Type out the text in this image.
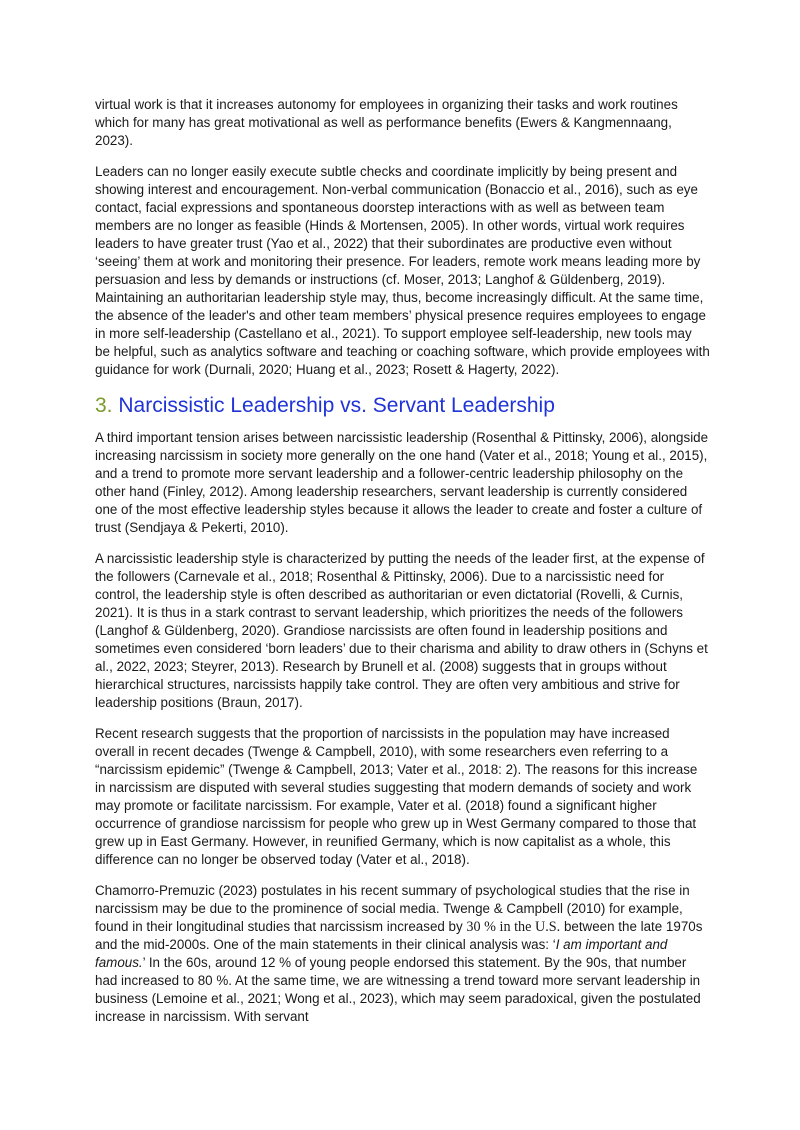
virtual work is that it increases autonomy for employees in organizing their tasks and work routines which for many has great motivational as well as performance benefits (Ewers & Kangmennaang, 2023).

Leaders can no longer easily execute subtle checks and coordinate implicitly by being present and showing interest and encouragement. Non-verbal communication (Bonaccio et al., 2016), such as eye contact, facial expressions and spontaneous doorstep interactions with as well as between team members are no longer as feasible (Hinds & Mortensen, 2005). In other words, virtual work requires leaders to have greater trust (Yao et al., 2022) that their subordinates are productive even without ‘seeing’ them at work and monitoring their presence. For leaders, remote work means leading more by persuasion and less by demands or instructions (cf. Moser, 2013; Langhof & Güldenberg, 2019). Maintaining an authoritarian leadership style may, thus, become increasingly difficult. At the same time, the absence of the leader's and other team members’ physical presence requires employees to engage in more self-leadership (Castellano et al., 2021). To support employee self-leadership, new tools may be helpful, such as analytics software and teaching or coaching software, which provide employees with guidance for work (Durnali, 2020; Huang et al., 2023; Rosett & Hagerty, 2022).

3. Narcissistic Leadership vs. Servant Leadership

A third important tension arises between narcissistic leadership (Rosenthal & Pittinsky, 2006), alongside increasing narcissism in society more generally on the one hand (Vater et al., 2018; Young et al., 2015), and a trend to promote more servant leadership and a follower-centric leadership philosophy on the other hand (Finley, 2012). Among leadership researchers, servant leadership is currently considered one of the most effective leadership styles because it allows the leader to create and foster a culture of trust (Sendjaya & Pekerti, 2010).

A narcissistic leadership style is characterized by putting the needs of the leader first, at the expense of the followers (Carnevale et al., 2018; Rosenthal & Pittinsky, 2006). Due to a narcissistic need for control, the leadership style is often described as authoritarian or even dictatorial (Rovelli, & Curnis, 2021). It is thus in a stark contrast to servant leadership, which prioritizes the needs of the followers (Langhof & Güldenberg, 2020). Grandiose narcissists are often found in leadership positions and sometimes even considered ‘born leaders’ due to their charisma and ability to draw others in (Schyns et al., 2022, 2023; Steyrer, 2013). Research by Brunell et al. (2008) suggests that in groups without hierarchical structures, narcissists happily take control. They are often very ambitious and strive for leadership positions (Braun, 2017).

Recent research suggests that the proportion of narcissists in the population may have increased overall in recent decades (Twenge & Campbell, 2010), with some researchers even referring to a “narcissism epidemic” (Twenge & Campbell, 2013; Vater et al., 2018: 2). The reasons for this increase in narcissism are disputed with several studies suggesting that modern demands of society and work may promote or facilitate narcissism. For example, Vater et al. (2018) found a significant higher occurrence of grandiose narcissism for people who grew up in West Germany compared to those that grew up in East Germany. However, in reunified Germany, which is now capitalist as a whole, this difference can no longer be observed today (Vater et al., 2018).

Chamorro-Premuzic (2023) postulates in his recent summary of psychological studies that the rise in narcissism may be due to the prominence of social media. Twenge & Campbell (2010) for example, found in their longitudinal studies that narcissism increased by 30 % in the U.S. between the late 1970s and the mid-2000s. One of the main statements in their clinical analysis was: ‘I am important and famous.’ In the 60s, around 12 % of young people endorsed this statement. By the 90s, that number had increased to 80 %. At the same time, we are witnessing a trend toward more servant leadership in business (Lemoine et al., 2021; Wong et al., 2023), which may seem paradoxical, given the postulated increase in narcissism. With servant
